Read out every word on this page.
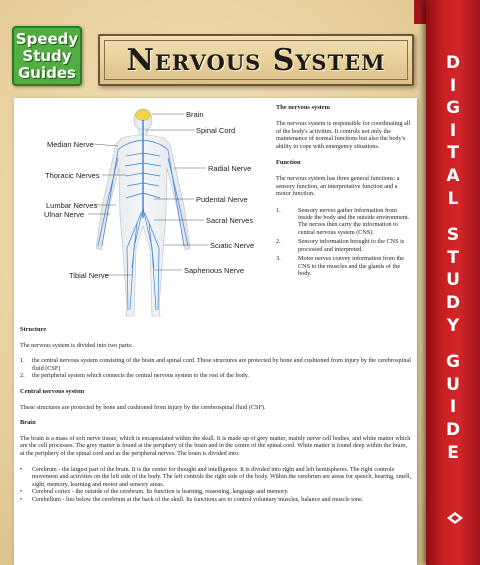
Speedy
Study
Guides Nervous System
Brain
Spinal Cord
Median Nerve
Thoracic Nerves
Radial Nerve
Pudental Nerve
Lumbar Nerves
Ulnar Nerve
Sacral Nerves
Sciatic Nerve
Tibial Nerve
Saphenous Nerve
The nervous system

The nervous system is responsible for coordinating all of the body's activities. It controls not only the maintenance of normal functions but also the body's ability to cope with emergency situations.

Function

The nervous system has three general functions: a sensory function, an interpretative function and a motor function.

1.	Sensory nerves gather information from inside the body and the outside environment. The nerves then carry the information to central nervous system (CNS).
2.	Sensory information brought to the CNS is processed and interpreted.
3.	Motor nerves convey information from the CNS to the muscles and the glands of the body.
Structure

The nervous system is divided into two parts:

1.	the central nervous system consisting of the brain and spinal cord. These structures are protected by bone and cushioned from injury by the cerebrospinal fluid (CSF)
2.	the peripheral system which connects the central nervous system to the rest of the body.
Central nervous system

These structures are protected by bone and cushioned from injury by the cerebrospinal fluid (CSF).

Brain

The brain is a mass of soft nerve tissue, which is encapsulated within the skull. It is made up of grey matter, mainly nerve cell bodies, and white matter which are the cell processes. The grey matter is found at the periphery of the brain and in the centre of the spinal cord. White matter is found deep within the brain, at the periphery of the spinal cord and as the peripheral nerves. The brain is divided into:

•	Cerebrum - the largest part of the brain. It is the centre for thought and intelligence. It is divided into right and left hemispheres. The right controls movement and activities on the left side of the body. The left controls the right side of the body. Within the cerebrum are areas for speech, hearing, smell, sight, memory, learning and motor and sensory areas.
•	Cerebral cortex - the outside of the cerebrum. Its function is learning, reasoning, language and memory.
•	Cerebellum - lies below the cerebrum at the back of the skull. Its functions are to control voluntary muscles, balance and muscle tone.
D
I
G
I
T
A
L
S
T
U
D
Y
G
U
I
D
E
